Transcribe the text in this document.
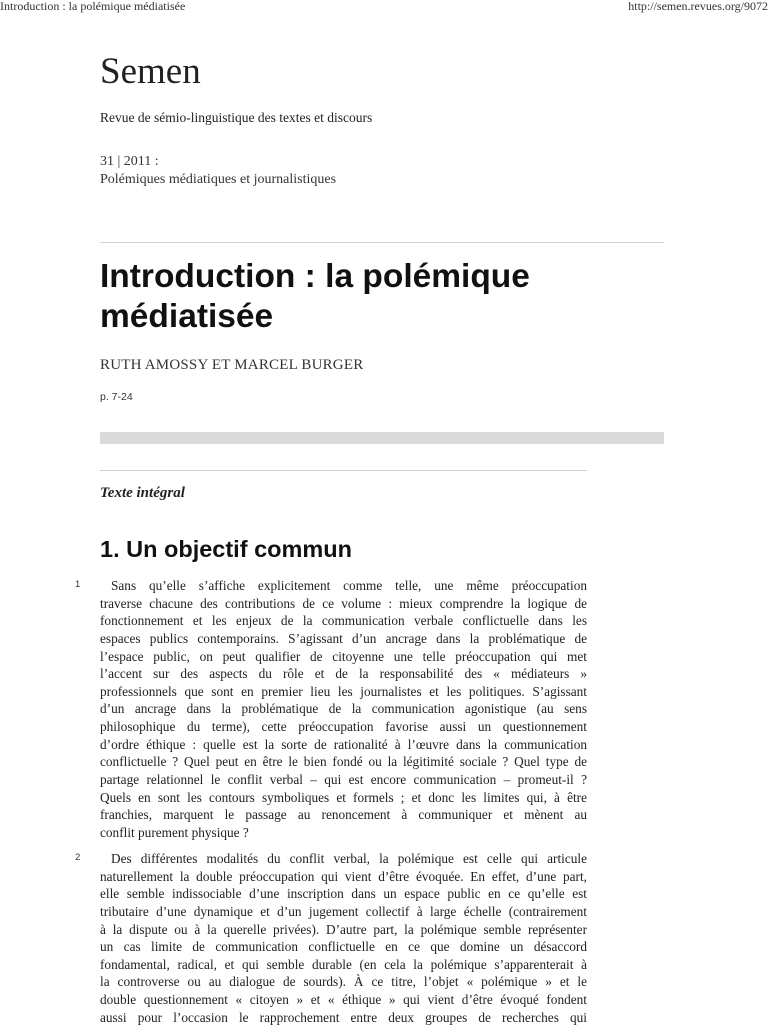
Introduction : la polémique médiatisée	http://semen.revues.org/9072
Semen
Revue de sémio-linguistique des textes et discours
31 | 2011 :
Polémiques médiatiques et journalistiques
Introduction : la polémique médiatisée
RUTH AMOSSY ET MARCEL BURGER
p. 7-24
Texte intégral
1. Un objectif commun
1	Sans qu’elle s’affiche explicitement comme telle, une même préoccupation
traverse chacune des contributions de ce volume : mieux comprendre la logique de
fonctionnement et les enjeux de la communication verbale conflictuelle dans les
espaces publics contemporains. S’agissant d’un ancrage dans la problématique de
l’espace public, on peut qualifier de citoyenne une telle préoccupation qui met
l’accent sur des aspects du rôle et de la responsabilité des « médiateurs »
professionnels que sont en premier lieu les journalistes et les politiques. S’agissant
d’un ancrage dans la problématique de la communication agonistique (au sens
philosophique du terme), cette préoccupation favorise aussi un questionnement
d’ordre éthique : quelle est la sorte de rationalité à l’œuvre dans la communication
conflictuelle ? Quel peut en être le bien fondé ou la légitimité sociale ? Quel type de
partage relationnel le conflit verbal – qui est encore communication – promeut-il ?
Quels en sont les contours symboliques et formels ; et donc les limites qui, à être
franchies, marquent le passage au renoncement à communiquer et mènent au
conflit purement physique ?
2	Des différentes modalités du conflit verbal, la polémique est celle qui articule
naturellement la double préoccupation qui vient d’être évoquée. En effet, d’une part,
elle semble indissociable d’une inscription dans un espace public en ce qu’elle est
tributaire d’une dynamique et d’un jugement collectif à large échelle (contrairement
à la dispute ou à la querelle privées). D’autre part, la polémique semble représenter
un cas limite de communication conflictuelle en ce que domine un désaccord
fondamental, radical, et qui semble durable (en cela la polémique s’apparenterait à
la controverse ou au dialogue de sourds). À ce titre, l’objet « polémique » et le
double questionnement « citoyen » et « éthique » qui vient d’être évoqué fondent
aussi pour l’occasion le rapprochement entre deux groupes de recherches qui
